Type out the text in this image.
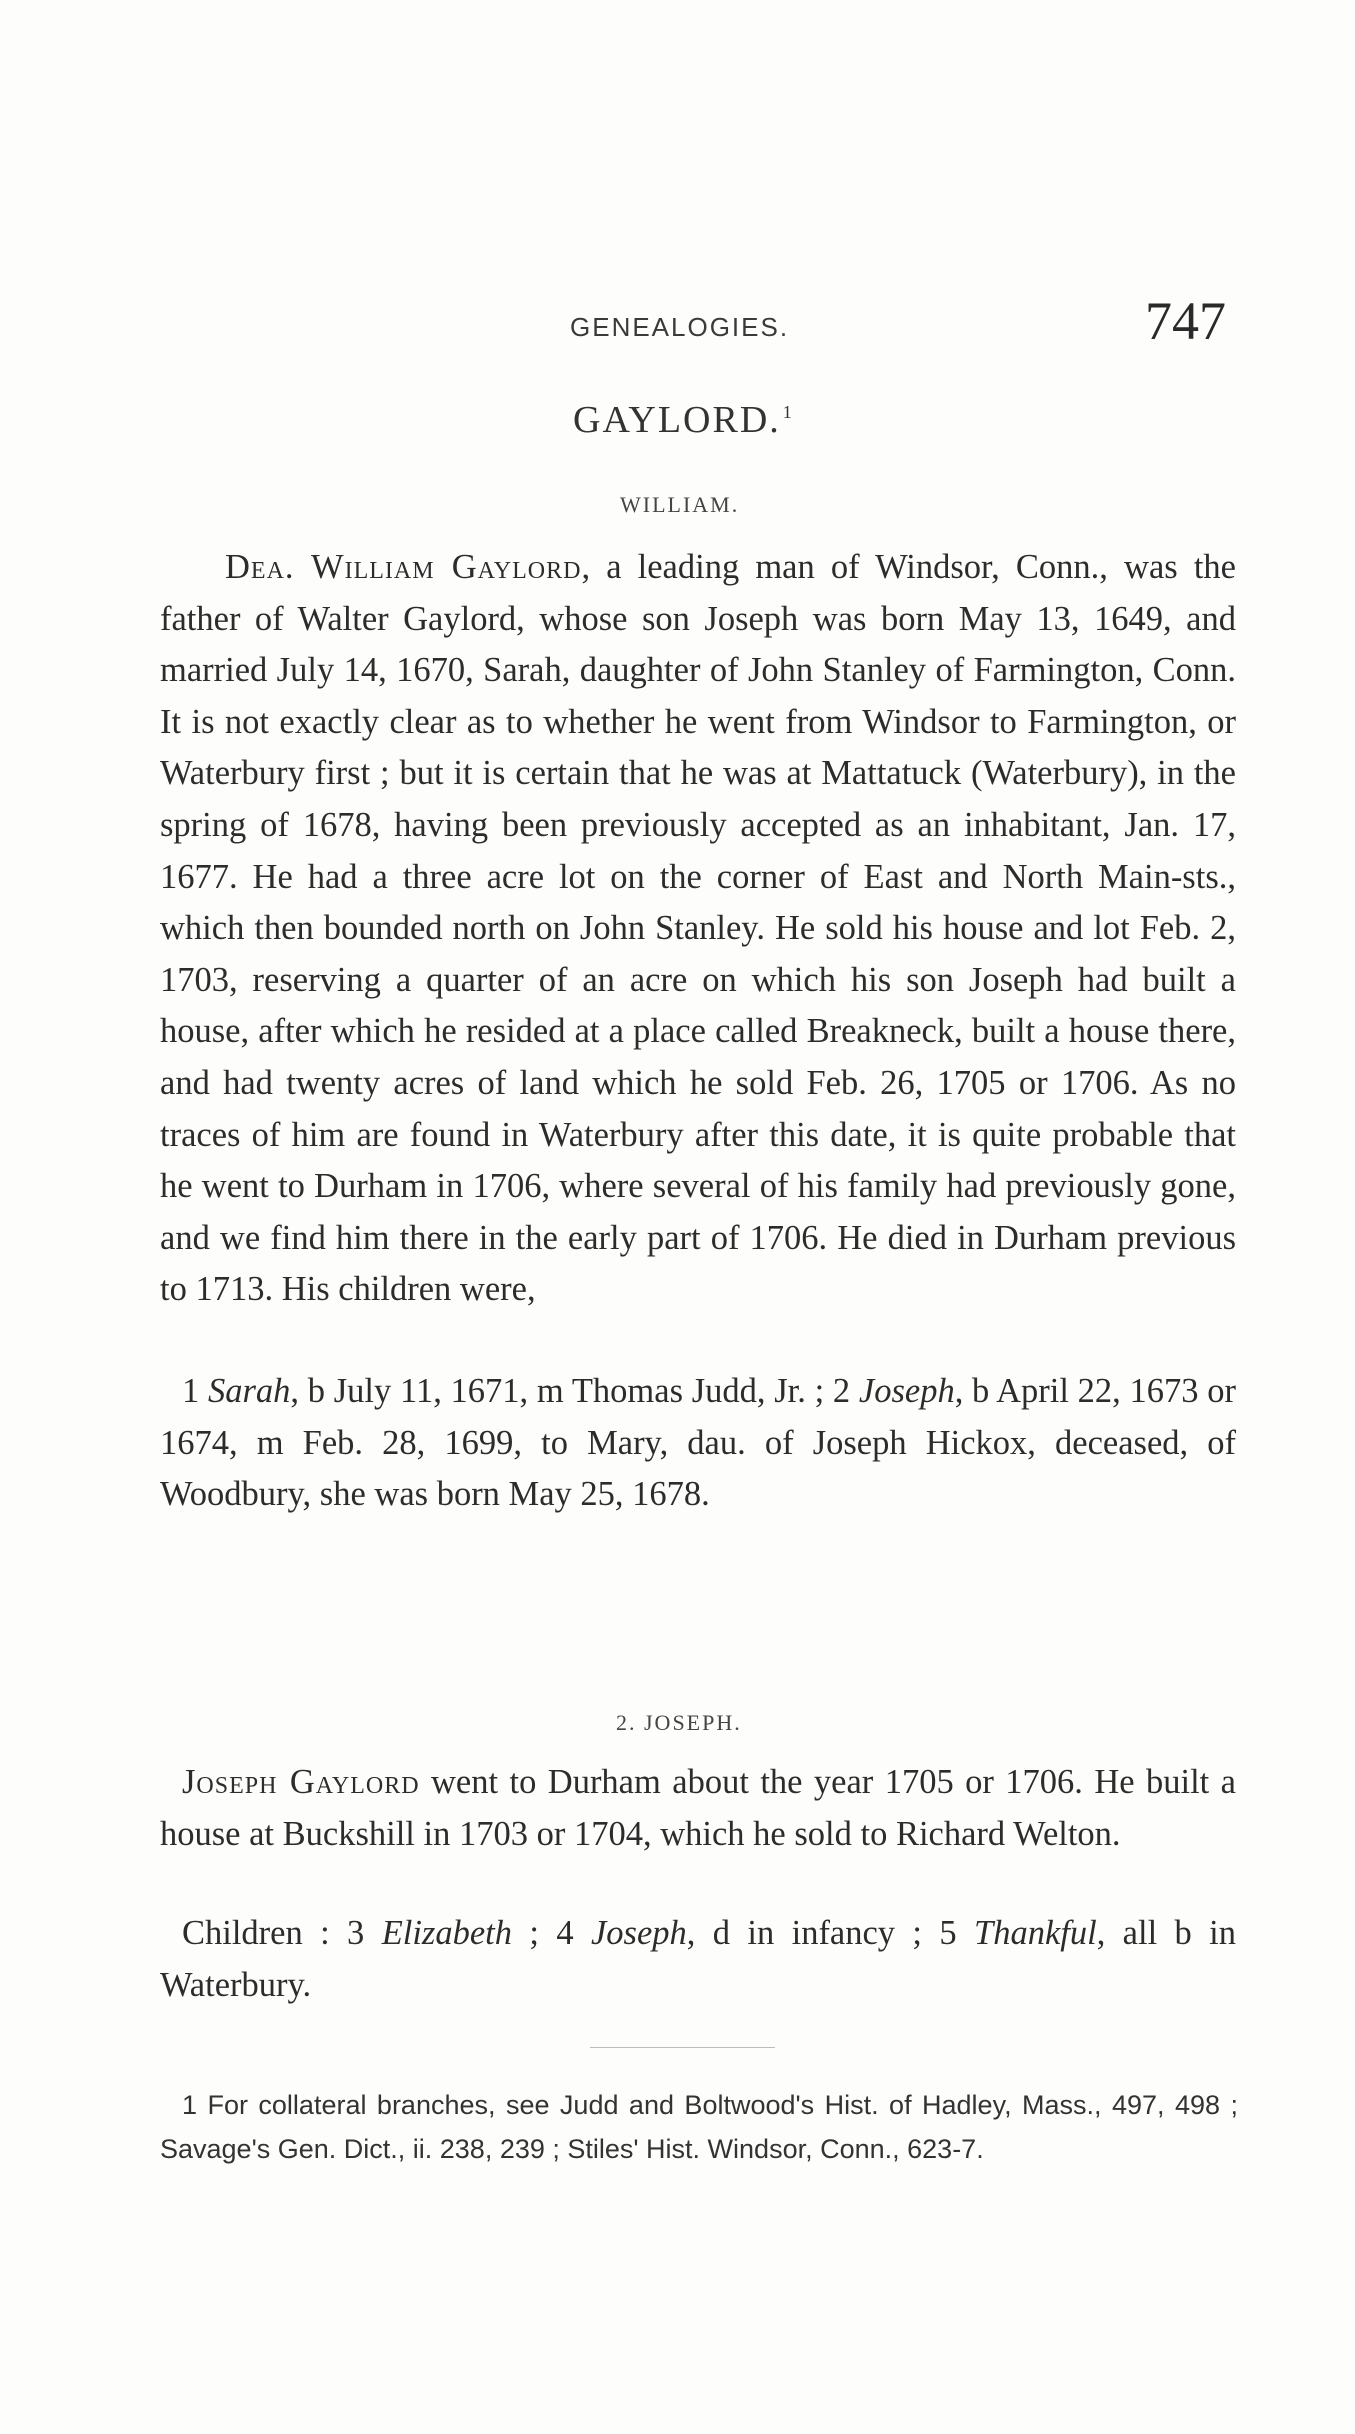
GENEALOGIES.	747
GAYLORD. $^1$
WILLIAM.
Dea. William Gaylord, a leading man of Windsor, Conn., was the father of Walter Gaylord, whose son Joseph was born May 13, 1649, and married July 14, 1670, Sarah, daughter of John Stanley of Farmington, Conn. It is not exactly clear as to whether he went from Windsor to Farmington, or Waterbury first ; but it is certain that he was at Mattatuck (Waterbury), in the spring of 1678, having been previously accepted as an inhabitant, Jan. 17, 1677. He had a three acre lot on the corner of East and North Main-sts., which then bounded north on John Stanley. He sold his house and lot Feb. 2, 1703, reserving a quarter of an acre on which his son Joseph had built a house, after which he resided at a place called Breakneck, built a house there, and had twenty acres of land which he sold Feb. 26, 1705 or 1706. As no traces of him are found in Waterbury after this date, it is quite probable that he went to Durham in 1706, where several of his family had previously gone, and we find him there in the early part of 1706. He died in Durham previous to 1713. His children were,
1 Sarah, b July 11, 1671, m Thomas Judd, Jr. ; 2 Joseph, b April 22, 1673 or 1674, m Feb. 28, 1699, to Mary, dau. of Joseph Hickox, deceased, of Woodbury, she was born May 25, 1678.
2. JOSEPH.
Joseph Gaylord went to Durham about the year 1705 or 1706. He built a house at Buckshill in 1703 or 1704, which he sold to Richard Welton.
Children : 3 Elizabeth ; 4 Joseph, d in infancy ; 5 Thankful, all b in Waterbury.
1 For collateral branches, see Judd and Boltwood's Hist. of Hadley, Mass., 497, 498 ; Savage's Gen. Dict., ii. 238, 239 ; Stiles' Hist. Windsor, Conn., 623-7.
